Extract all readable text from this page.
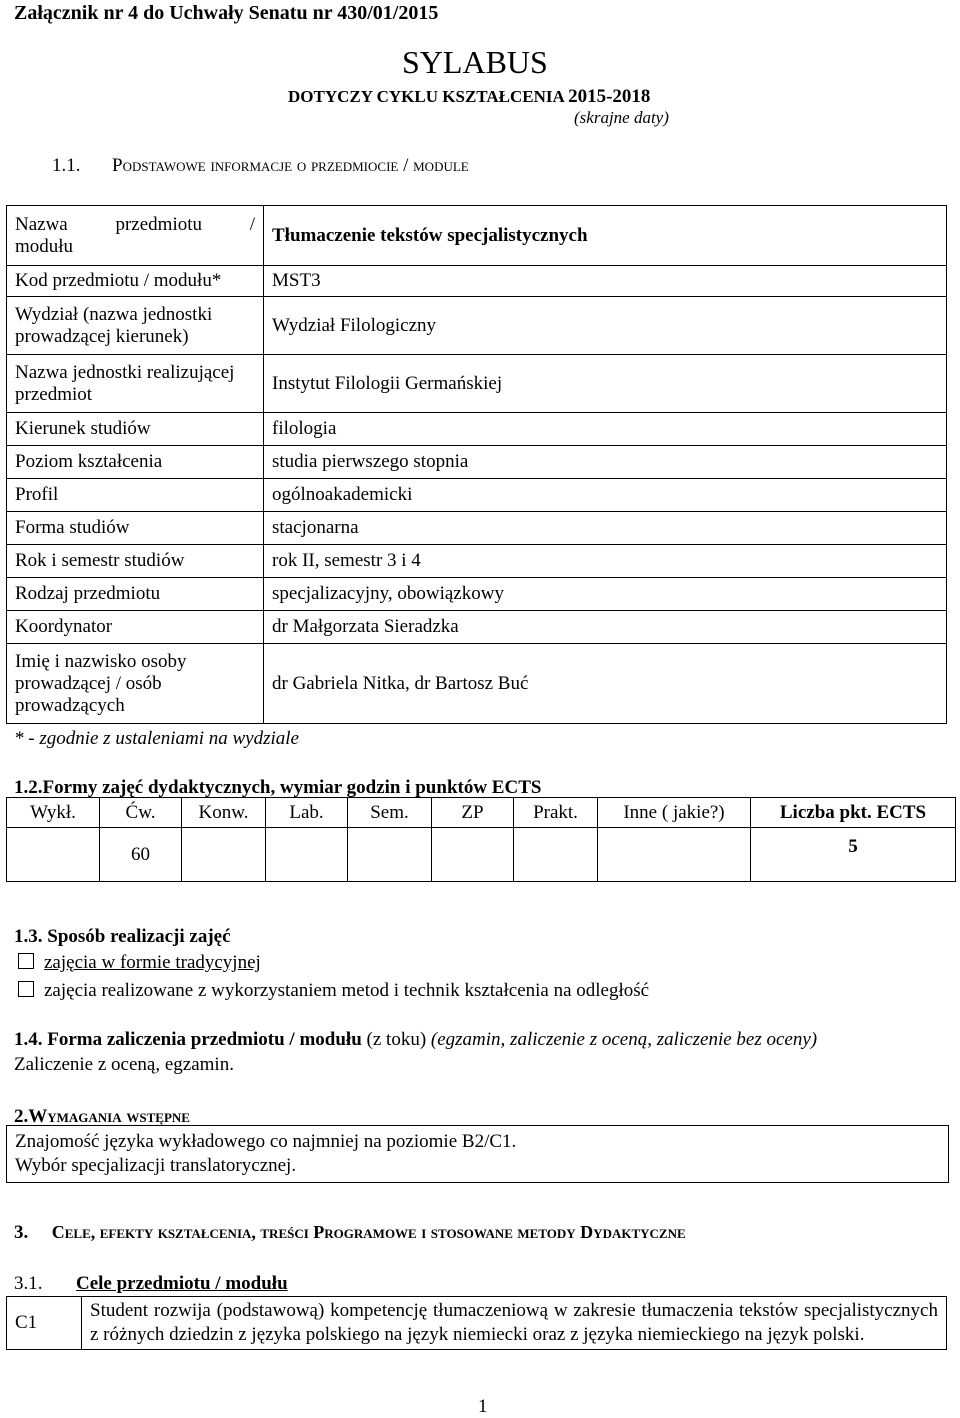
Załącznik nr 4 do Uchwały Senatu nr 430/01/2015
SYLABUS
DOTYCZY CYKLU KSZTAŁCENIA 2015-2018
(skrajne daty)
1.1. Podstawowe informacje o przedmiocie / module
Nazwa przedmiotu /
modułu	Tłumaczenie tekstów specjalistycznych
Kod przedmiotu / modułu*	MST3
Wydział (nazwa jednostki prowadzącej kierunek)	Wydział Filologiczny
Nazwa jednostki realizującej przedmiot	Instytut Filologii Germańskiej
Kierunek studiów	filologia
Poziom kształcenia	studia pierwszego stopnia
Profil	ogólnoakademicki
Forma studiów	stacjonarna
Rok i semestr studiów	rok II, semestr 3 i 4
Rodzaj przedmiotu	specjalizacyjny, obowiązkowy
Koordynator	dr Małgorzata Sieradzka
Imię i nazwisko osoby prowadzącej / osób prowadzących	dr Gabriela Nitka, dr Bartosz Buć
* - zgodnie z ustaleniami na wydziale
1.2.Formy zajęć dydaktycznych, wymiar godzin i punktów ECTS
Wykł.	Ćw.	Konw.	Lab.	Sem.	ZP	Prakt.	Inne ( jakie?)	Liczba pkt. ECTS
	60							5
1.3. Sposób realizacji zajęć
zajęcia w formie tradycyjnej
zajęcia realizowane z wykorzystaniem metod i technik kształcenia na odległość
1.4. Forma zaliczenia przedmiotu / modułu (z toku) (egzamin, zaliczenie z oceną, zaliczenie bez oceny)
Zaliczenie z oceną, egzamin.
2.Wymagania wstępne
Znajomość języka wykładowego co najmniej na poziomie B2/C1.
Wybór specjalizacji translatorycznej.
3. Cele, efekty kształcenia, treści Programowe i stosowane metody Dydaktyczne
3.1. Cele przedmiotu / modułu
C1	Student rozwija (podstawową) kompetencję tłumaczeniową w zakresie tłumaczenia tekstów specjalistycznych z różnych dziedzin z języka polskiego na język niemiecki oraz z języka niemieckiego na język polski.
1
